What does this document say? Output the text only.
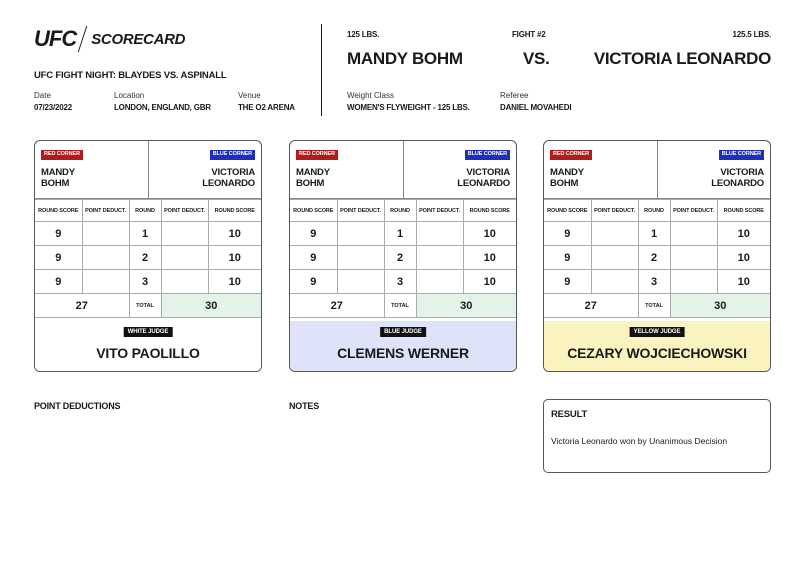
UFC SCORECARD
UFC FIGHT NIGHT: BLAYDES VS. ASPINALL
Date
07/23/2022
Location
LONDON, ENGLAND, GBR
Venue
THE O2 ARENA
125 LBS.	FIGHT #2	125.5 LBS.
MANDY BOHM	VS.	VICTORIA LEONARDO
Weight Class
WOMEN'S FLYWEIGHT - 125 LBS.
Referee
DANIEL MOVAHEDI
RED CORNER	BLUE CORNER
MANDY
BOHM
VICTORIA
LEONARDO
ROUND SCORE	POINT DEDUCT.	ROUND	POINT DEDUCT.	ROUND SCORE
9		1		10
9		2		10
9		3		10
27		TOTAL	30	
WHITE JUDGE
VITO PAOLILLO
RED CORNER	BLUE CORNER
MANDY
BOHM
VICTORIA
LEONARDO
ROUND SCORE	POINT DEDUCT.	ROUND	POINT DEDUCT.	ROUND SCORE
9		1		10
9		2		10
9		3		10
27		TOTAL	30	
BLUE JUDGE
CLEMENS WERNER
RED CORNER	BLUE CORNER
MANDY
BOHM
VICTORIA
LEONARDO
ROUND SCORE	POINT DEDUCT.	ROUND	POINT DEDUCT.	ROUND SCORE
9		1		10
9		2		10
9		3		10
27		TOTAL	30	
YELLOW JUDGE
CEZARY WOJCIECHOWSKI
POINT DEDUCTIONS	NOTES
RESULT
Victoria Leonardo won by Unanimous Decision
